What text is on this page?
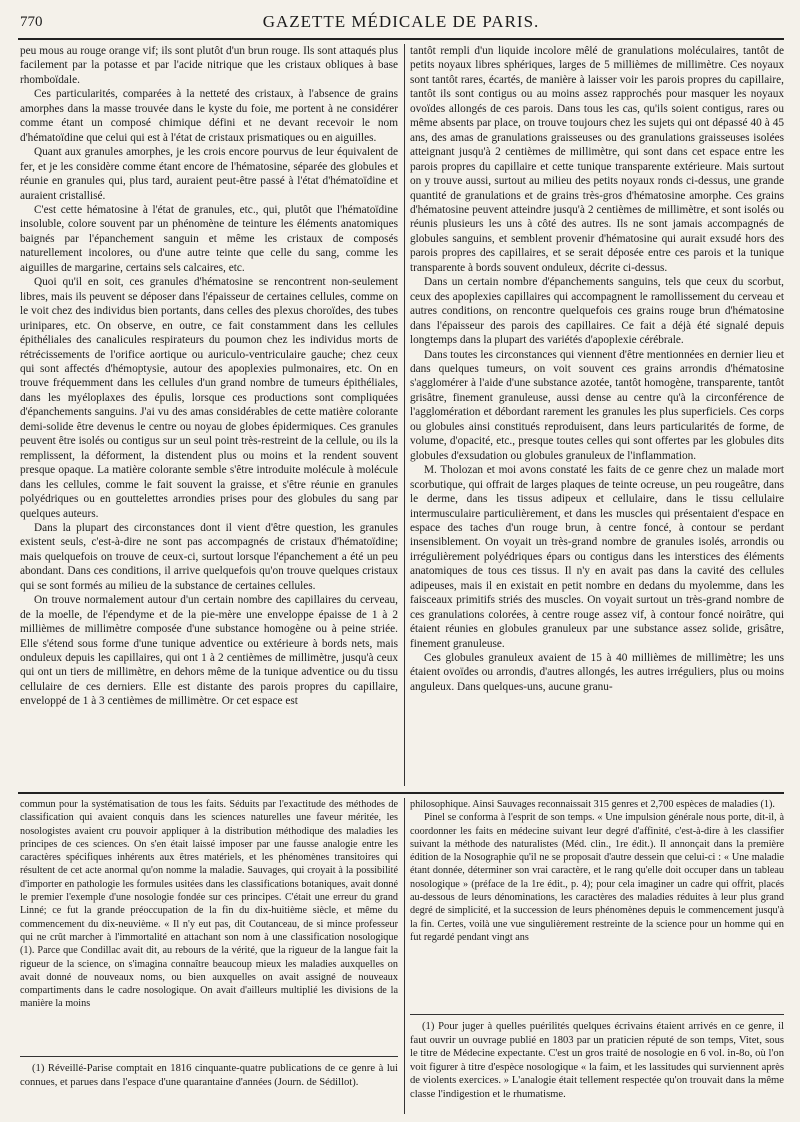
770	GAZETTE MÉDICALE DE PARIS.

peu mous au rouge orange vif; ils sont plutôt d'un brun rouge. Ils sont attaqués plus facilement par la potasse et par l'acide nitrique que les cristaux obliques à base rhomboïdale.

Ces particularités, comparées à la netteté des cristaux, à l'absence de grains amorphes dans la masse trouvée dans le kyste du foie, me portent à ne considérer comme étant un composé chimique défini et ne devant recevoir le nom d'hématoïdine que celui qui est à l'état de cristaux prismatiques ou en aiguilles.

Quant aux granules amorphes, je les crois encore pourvus de leur équivalent de fer, et je les considère comme étant encore de l'hématosine, séparée des globules et réunie en granules qui, plus tard, auraient peut-être passé à l'état d'hématoïdine et auraient cristallisé.

C'est cette hématosine à l'état de granules, etc., qui, plutôt que l'hématoïdine insoluble, colore souvent par un phénomène de teinture les éléments anatomiques baignés par l'épanchement sanguin et même les cristaux de composés naturellement incolores, ou d'une autre teinte que celle du sang, comme les aiguilles de margarine, certains sels calcaires, etc.

Quoi qu'il en soit, ces granules d'hématosine se rencontrent non-seulement libres, mais ils peuvent se déposer dans l'épaisseur de certaines cellules, comme on le voit chez des individus bien portants, dans celles des plexus choroïdes, des tubes urinipares, etc. On observe, en outre, ce fait constamment dans les cellules épithéliales des canalicules respirateurs du poumon chez les individus morts de rétrécissements de l'orifice aortique ou auriculo-ventriculaire gauche; chez ceux qui sont affectés d'hémoptysie, autour des apoplexies pulmonaires, etc. On en trouve fréquemment dans les cellules d'un grand nombre de tumeurs épithéliales, dans les myéloplaxes des épulis, lorsque ces productions sont compliquées d'épanchements sanguins. J'ai vu des amas considérables de cette matière colorante demi-solide être devenus le centre ou noyau de globes épidermiques. Ces granules peuvent être isolés ou contigus sur un seul point très-restreint de la cellule, ou ils la remplissent, la déforment, la distendent plus ou moins et la rendent souvent presque opaque. La matière colorante semble s'être introduite molécule à molécule dans les cellules, comme le fait souvent la graisse, et s'être réunie en granules polyédriques ou en gouttelettes arrondies prises pour des globules du sang par quelques auteurs.

Dans la plupart des circonstances dont il vient d'être question, les granules existent seuls, c'est-à-dire ne sont pas accompagnés de cristaux d'hématoïdine; mais quelquefois on trouve de ceux-ci, surtout lorsque l'épanchement a été un peu abondant. Dans ces conditions, il arrive quelquefois qu'on trouve quelques cristaux qui se sont formés au milieu de la substance de certaines cellules.

On trouve normalement autour d'un certain nombre des capillaires du cerveau, de la moelle, de l'épendyme et de la pie-mère une enveloppe épaisse de 1 à 2 millièmes de millimètre composée d'une substance homogène ou à peine striée. Elle s'étend sous forme d'une tunique adventice ou extérieure à bords nets, mais onduleux depuis les capillaires, qui ont 1 à 2 centièmes de millimètre, jusqu'à ceux qui ont un tiers de millimètre, en dehors même de la tunique adventice ou du tissu cellulaire de ces derniers. Elle est distante des parois propres du capillaire, enveloppé de 1 à 3 centièmes de millimètre. Or cet espace est

tantôt rempli d'un liquide incolore mêlé de granulations moléculaires, tantôt de petits noyaux libres sphériques, larges de 5 millièmes de millimètre. Ces noyaux sont tantôt rares, écartés, de manière à laisser voir les parois propres du capillaire, tantôt ils sont contigus ou au moins assez rapprochés pour masquer les noyaux ovoïdes allongés de ces parois. Dans tous les cas, qu'ils soient contigus, rares ou même absents par place, on trouve toujours chez les sujets qui ont dépassé 40 à 45 ans, des amas de granulations graisseuses ou des granulations graisseuses isolées atteignant jusqu'à 2 centièmes de millimètre, qui sont dans cet espace entre les parois propres du capillaire et cette tunique transparente extérieure. Mais surtout on y trouve aussi, surtout au milieu des petits noyaux ronds ci-dessus, une grande quantité de granulations et de grains très-gros d'hématosine amorphe. Ces grains d'hématosine peuvent atteindre jusqu'à 2 centièmes de millimètre, et sont isolés ou réunis plusieurs les uns à côté des autres. Ils ne sont jamais accompagnés de globules sanguins, et semblent provenir d'hématosine qui aurait exsudé hors des parois propres des capillaires, et se serait déposée entre ces parois et la tunique transparente à bords souvent onduleux, décrite ci-dessus.

Dans un certain nombre d'épanchements sanguins, tels que ceux du scorbut, ceux des apoplexies capillaires qui accompagnent le ramollissement du cerveau et autres conditions, on rencontre quelquefois ces grains rouge brun d'hématosine dans l'épaisseur des parois des capillaires. Ce fait a déjà été signalé depuis longtemps dans la plupart des variétés d'apoplexie cérébrale.

Dans toutes les circonstances qui viennent d'être mentionnées en dernier lieu et dans quelques tumeurs, on voit souvent ces grains arrondis d'hématosine s'agglomérer à l'aide d'une substance azotée, tantôt homogène, transparente, tantôt grisâtre, finement granuleuse, aussi dense au centre qu'à la circonférence de l'agglomération et débordant rarement les granules les plus superficiels. Ces corps ou globules ainsi constitués reproduisent, dans leurs particularités de forme, de volume, d'opacité, etc., presque toutes celles qui sont offertes par les globules dits globules d'exsudation ou globules granuleux de l'inflammation.

M. Tholozan et moi avons constaté les faits de ce genre chez un malade mort scorbutique, qui offrait de larges plaques de teinte ocreuse, un peu rougeâtre, dans le derme, dans les tissus adipeux et cellulaire, dans le tissu cellulaire intermusculaire particulièrement, et dans les muscles qui présentaient d'espace en espace des taches d'un rouge brun, à centre foncé, à contour se perdant insensiblement. On voyait un très-grand nombre de granules isolés, arrondis ou irrégulièrement polyédriques épars ou contigus dans les interstices des éléments anatomiques de tous ces tissus. Il n'y en avait pas dans la cavité des cellules adipeuses, mais il en existait en petit nombre en dedans du myolemme, dans les faisceaux primitifs striés des muscles. On voyait surtout un très-grand nombre de ces granulations colorées, à centre rouge assez vif, à contour foncé noirâtre, qui étaient réunies en globules granuleux par une substance assez solide, grisâtre, finement granuleuse.

Ces globules granuleux avaient de 15 à 40 millièmes de millimètre; les uns étaient ovoïdes ou arrondis, d'autres allongés, les autres irréguliers, plus ou moins anguleux. Dans quelques-uns, aucune granu-

commun pour la systématisation de tous les faits. Séduits par l'exactitude des méthodes de classification qui avaient conquis dans les sciences naturelles une faveur méritée, les nosologistes avaient cru pouvoir appliquer à la distribution méthodique des maladies les principes de ces sciences. On s'en était laissé imposer par une fausse analogie entre les caractères spécifiques inhérents aux êtres matériels, et les phénomènes transitoires qui résultent de cet acte anormal qu'on nomme la maladie. Sauvages, qui croyait à la possibilité d'importer en pathologie les formules usitées dans les classifications botaniques, avait donné le premier l'exemple d'une nosologie fondée sur ces principes. C'était une erreur du grand Linné; ce fut la grande préoccupation de la fin du dix-huitième siècle, et même du commencement du dix-neuvième. « Il n'y eut pas, dit Coutanceau, de si mince professeur qui ne crût marcher à l'immortalité en attachant son nom à une classification nosologique (1). Parce que Condillac avait dit, au rebours de la vérité, que la rigueur de la langue fait la rigueur de la science, on s'imagina connaître beaucoup mieux les maladies auxquelles on avait donné de nouveaux noms, ou bien auxquelles on avait assigné de nouveaux compartiments dans le cadre nosologique. On avait d'ailleurs multiplié les divisions de la manière la moins

philosophique. Ainsi Sauvages reconnaissait 315 genres et 2,700 espèces de maladies (1).

Pinel se conforma à l'esprit de son temps. « Une impulsion générale nous porte, dit-il, à coordonner les faits en médecine suivant leur degré d'affinité, c'est-à-dire à les classifier suivant la méthode des naturalistes (Méd. clin., 1re édit.). Il annonçait dans la première édition de la Nosographie qu'il ne se proposait d'autre dessein que celui-ci : « Une maladie étant donnée, déterminer son vrai caractère, et le rang qu'elle doit occuper dans un tableau nosologique » (préface de la 1re édit., p. 4); pour cela imaginer un cadre qui offrit, placés au-dessous de leurs dénominations, les caractères des maladies réduites à leur plus grand degré de simplicité, et la succession de leurs phénomènes depuis le commencement jusqu'à la fin. Certes, voilà une vue singulièrement restreinte de la science pour un homme qui en fut regardé pendant vingt ans

(1) Réveillé-Parise comptait en 1816 cinquante-quatre publications de ce genre à lui connues, et parues dans l'espace d'une quarantaine d'années (Journ. de Sédillot).

(1) Pour juger à quelles puérilités quelques écrivains étaient arrivés en ce genre, il faut ouvrir un ouvrage publié en 1803 par un praticien réputé de son temps, Vitet, sous le titre de Médecine expectante. C'est un gros traité de nosologie en 6 vol. in-8o, où l'on voit figurer à titre d'espèce nosologique « la faim, et les lassitudes qui surviennent après de violents exercices. » L'analogie était tellement respectée qu'on trouvait dans la même classe l'indigestion et le rhumatisme.
